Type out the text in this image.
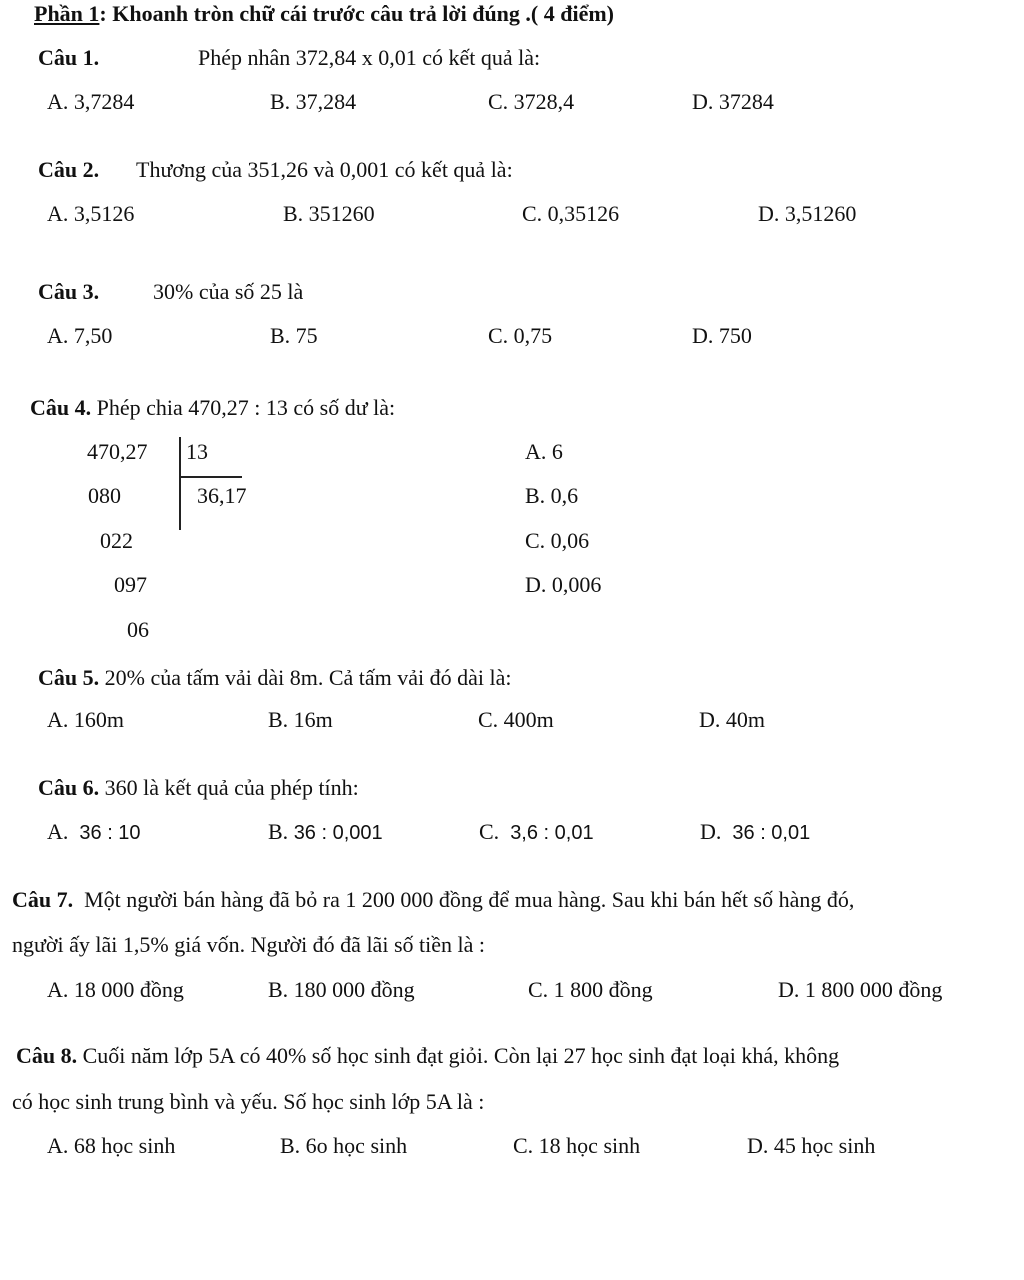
Phần 1: Khoanh tròn chữ cái trước câu trả lời đúng .( 4 điểm)
Câu 1.	Phép nhân 372,84 x 0,01 có kết quả là:
A. 3,7284	B. 37,284	C. 3728,4	D. 37284
Câu 2. Thương của 351,26 và 0,001 có kết quả là:
A. 3,5126	B. 351260	C. 0,35126	D. 3,51260
Câu 3. 30% của số 25 là
A. 7,50	B. 75	C. 0,75	D. 750
Câu 4. Phép chia 470,27 : 13 có số dư là:
470,27 13
36,17
080
022
097
06
A. 6
B. 0,6
C. 0,06
D. 0,006
Câu 5. 20% của tấm vải dài 8m. Cả tấm vải đó dài là:
A. 160m	B. 16m	C. 400m	D. 40m
Câu 6. 360 là kết quả của phép tính:
A. 36 : 10	B. 36 : 0,001	C. 3,6 : 0,01	D. 36 : 0,01
Câu 7. Một người bán hàng đã bỏ ra 1 200 000 đồng để mua hàng. Sau khi bán hết số hàng đó,
người ấy lãi 1,5% giá vốn. Người đó đã lãi số tiền là :
A. 18 000 đồng	B. 180 000 đồng	C. 1 800 đồng	D. 1 800 000 đồng
Câu 8. Cuối năm lớp 5A có 40% số học sinh đạt giỏi. Còn lại 27 học sinh đạt loại khá, không
có học sinh trung bình và yếu. Số học sinh lớp 5A là :
A. 68 học sinh	B. 6o học sinh	C. 18 học sinh	D. 45 học sinh
